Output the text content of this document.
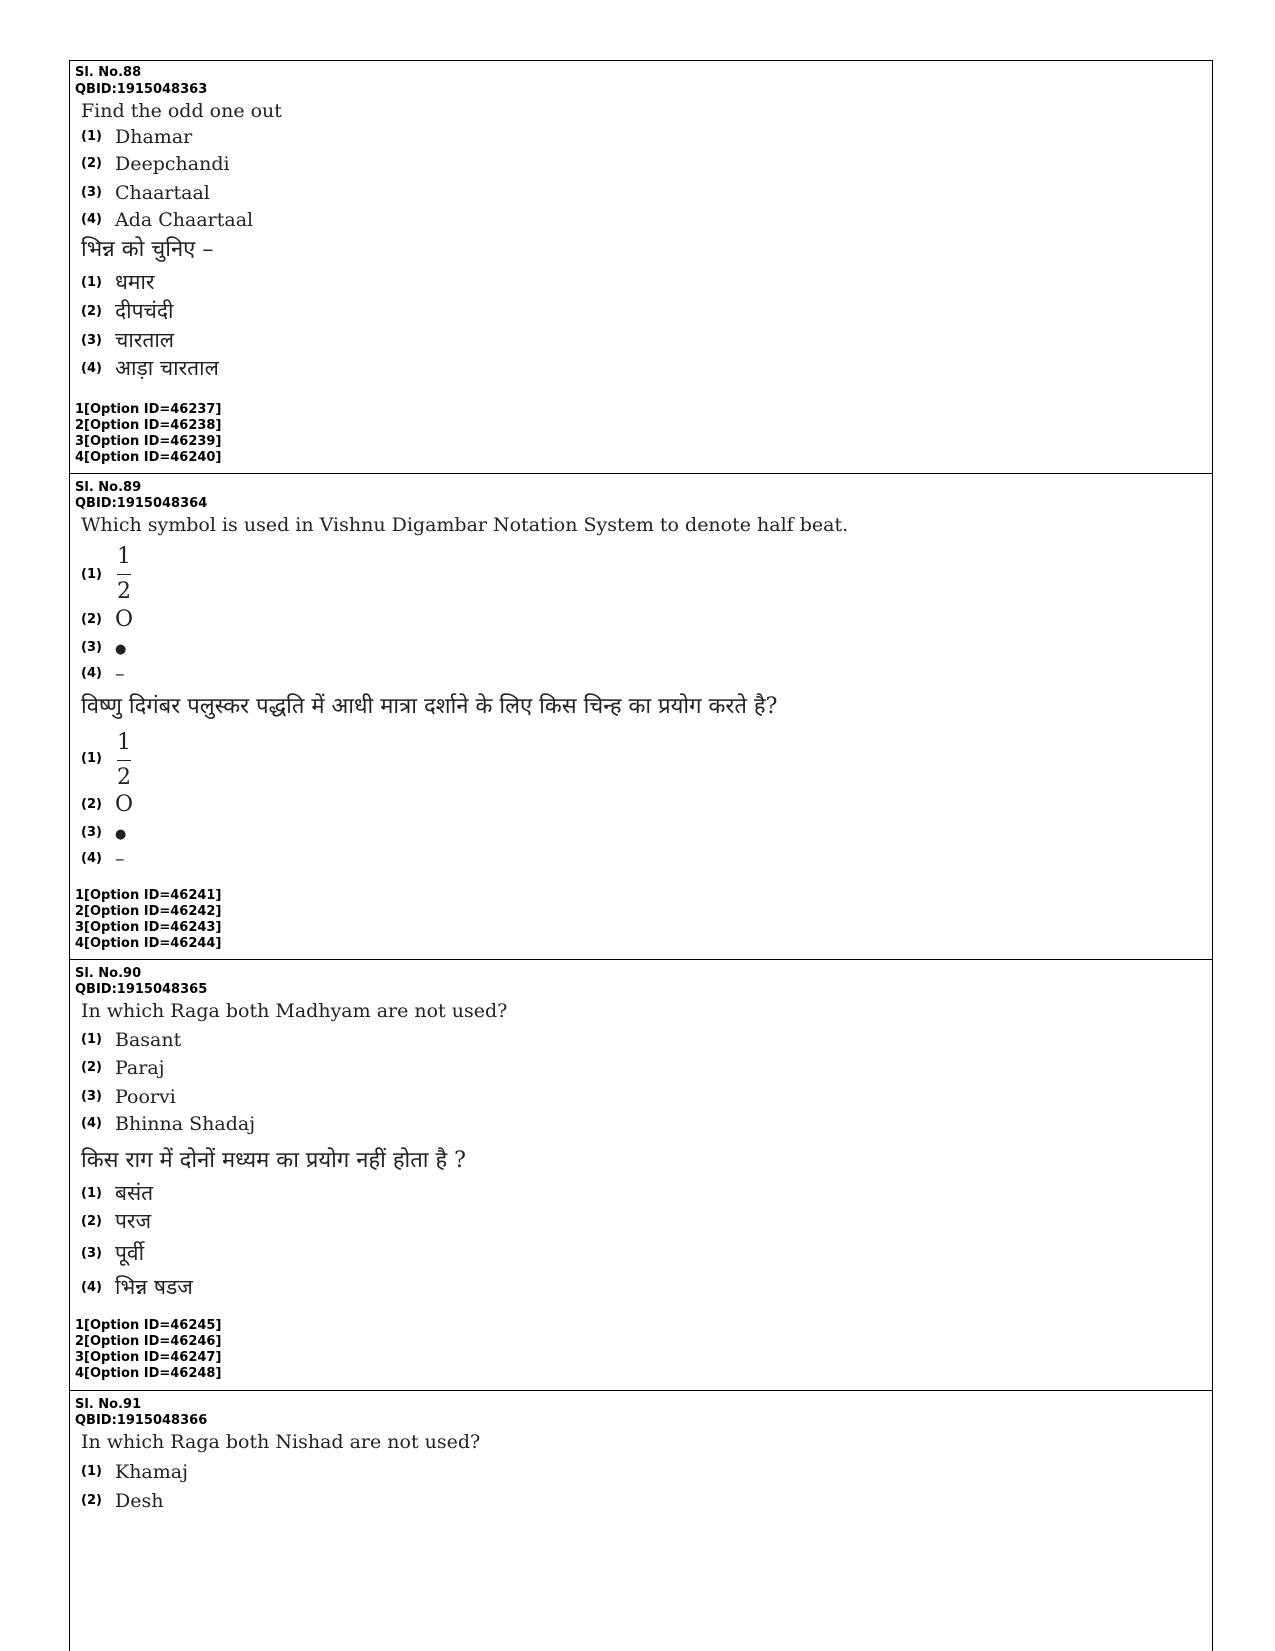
Sl. No.88
QBID:1915048363
Find the odd one out
(1) Dhamar
(2) Deepchandi
(3) Chaartaal
(4) Ada Chaartaal
भिन्न को चुनिए –
(1) धमार
(2) दीपचंदी
(3) चारताल
(4) आड़ा चारताल
1[Option ID=46237]
2[Option ID=46238]
3[Option ID=46239]
4[Option ID=46240]
Sl. No.89
QBID:1915048364
Which symbol is used in Vishnu Digambar Notation System to denote half beat.
(1)
1
2
(2) O
(3) ●
(4) –
विष्णु दिगंबर पलुस्कर पद्धति में आधी मात्रा दर्शाने के लिए किस चिन्ह का प्रयोग करते है?
(1)
1
2
(2) O
(3) ●
(4) –
1[Option ID=46241]
2[Option ID=46242]
3[Option ID=46243]
4[Option ID=46244]
Sl. No.90
QBID:1915048365
In which Raga both Madhyam are not used?
(1) Basant
(2) Paraj
(3) Poorvi
(4) Bhinna Shadaj
किस राग में दोनों मध्यम का प्रयोग नहीं होता है ?
(1) बसंत
(2) परज
(3) पूर्वी
(4) भिन्न षडज
1[Option ID=46245]
2[Option ID=46246]
3[Option ID=46247]
4[Option ID=46248]
Sl. No.91
QBID:1915048366
In which Raga both Nishad are not used?
(1) Khamaj
(2) Desh
